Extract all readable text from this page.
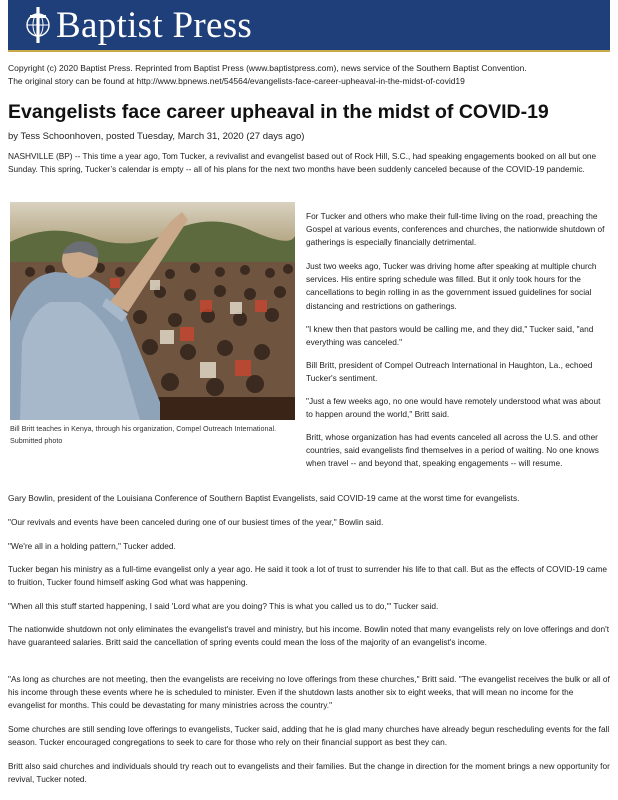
Baptist Press

Copyright (c) 2020 Baptist Press. Reprinted from Baptist Press (www.baptistpress.com), news service of the Southern Baptist Convention.

The original story can be found at http://www.bpnews.net/54564/evangelists-face-career-upheaval-in-the-midst-of-covid19

Evangelists face career upheaval in the midst of COVID-19
by Tess Schoonhoven, posted Tuesday, March 31, 2020 (27 days ago)

NASHVILLE (BP) -- This time a year ago, Tom Tucker, a revivalist and evangelist based out of Rock Hill, S.C., had speaking engagements booked on all but one Sunday. This spring, Tucker’s calendar is empty -- all of his plans for the next two months have been suddenly canceled because of the COVID-19 pandemic.

Bill Britt teaches in Kenya, through his organization, Compel Outreach International.

Submitted photo

For Tucker and others who make their full-time living on the road, preaching the Gospel at various events, conferences and churches, the nationwide shutdown of gatherings is especially financially detrimental.

Just two weeks ago, Tucker was driving home after speaking at multiple church services. His entire spring schedule was filled. But it only took hours for the cancellations to begin rolling in as the government issued guidelines for social distancing and restrictions on gatherings.

"I knew then that pastors would be calling me, and they did," Tucker said, "and everything was canceled."

Bill Britt, president of Compel Outreach International in Haughton, La., echoed Tucker's sentiment.

"Just a few weeks ago, no one would have remotely understood what was about to happen around the world," Britt said.

Britt, whose organization has had events canceled all across the U.S. and other countries, said evangelists find themselves in a period of waiting. No one knows when travel -- and beyond that, speaking engagements -- will resume.

Gary Bowlin, president of the Louisiana Conference of Southern Baptist Evangelists, said COVID-19 came at the worst time for evangelists.

"Our revivals and events have been canceled during one of our busiest times of the year," Bowlin said.

"We're all in a holding pattern," Tucker added.

Tucker began his ministry as a full-time evangelist only a year ago. He said it took a lot of trust to surrender his life to that call. But as the effects of COVID-19 came to fruition, Tucker found himself asking God what was happening.

"When all this stuff started happening, I said 'Lord what are you doing? This is what you called us to do,'" Tucker said.

The nationwide shutdown not only eliminates the evangelist's travel and ministry, but his income. Bowlin noted that many evangelists rely on love offerings and don't have guaranteed salaries. Britt said the cancellation of spring events could mean the loss of the majority of an evangelist's income.

"As long as churches are not meeting, then the evangelists are receiving no love offerings from these churches," Britt said. "The evangelist receives the bulk or all of his income through these events where he is scheduled to minister. Even if the shutdown lasts another six to eight weeks, that will mean no income for the evangelist for months. This could be devastating for many ministries across the country."

Some churches are still sending love offerings to evangelists, Tucker said, adding that he is glad many churches have already begun rescheduling events for the fall season. Tucker encouraged congregations to seek to care for those who rely on their financial support as best they can.

Britt also said churches and individuals should try reach out to evangelists and their families. But the change in direction for the moment brings a new opportunity for revival, Tucker noted.
